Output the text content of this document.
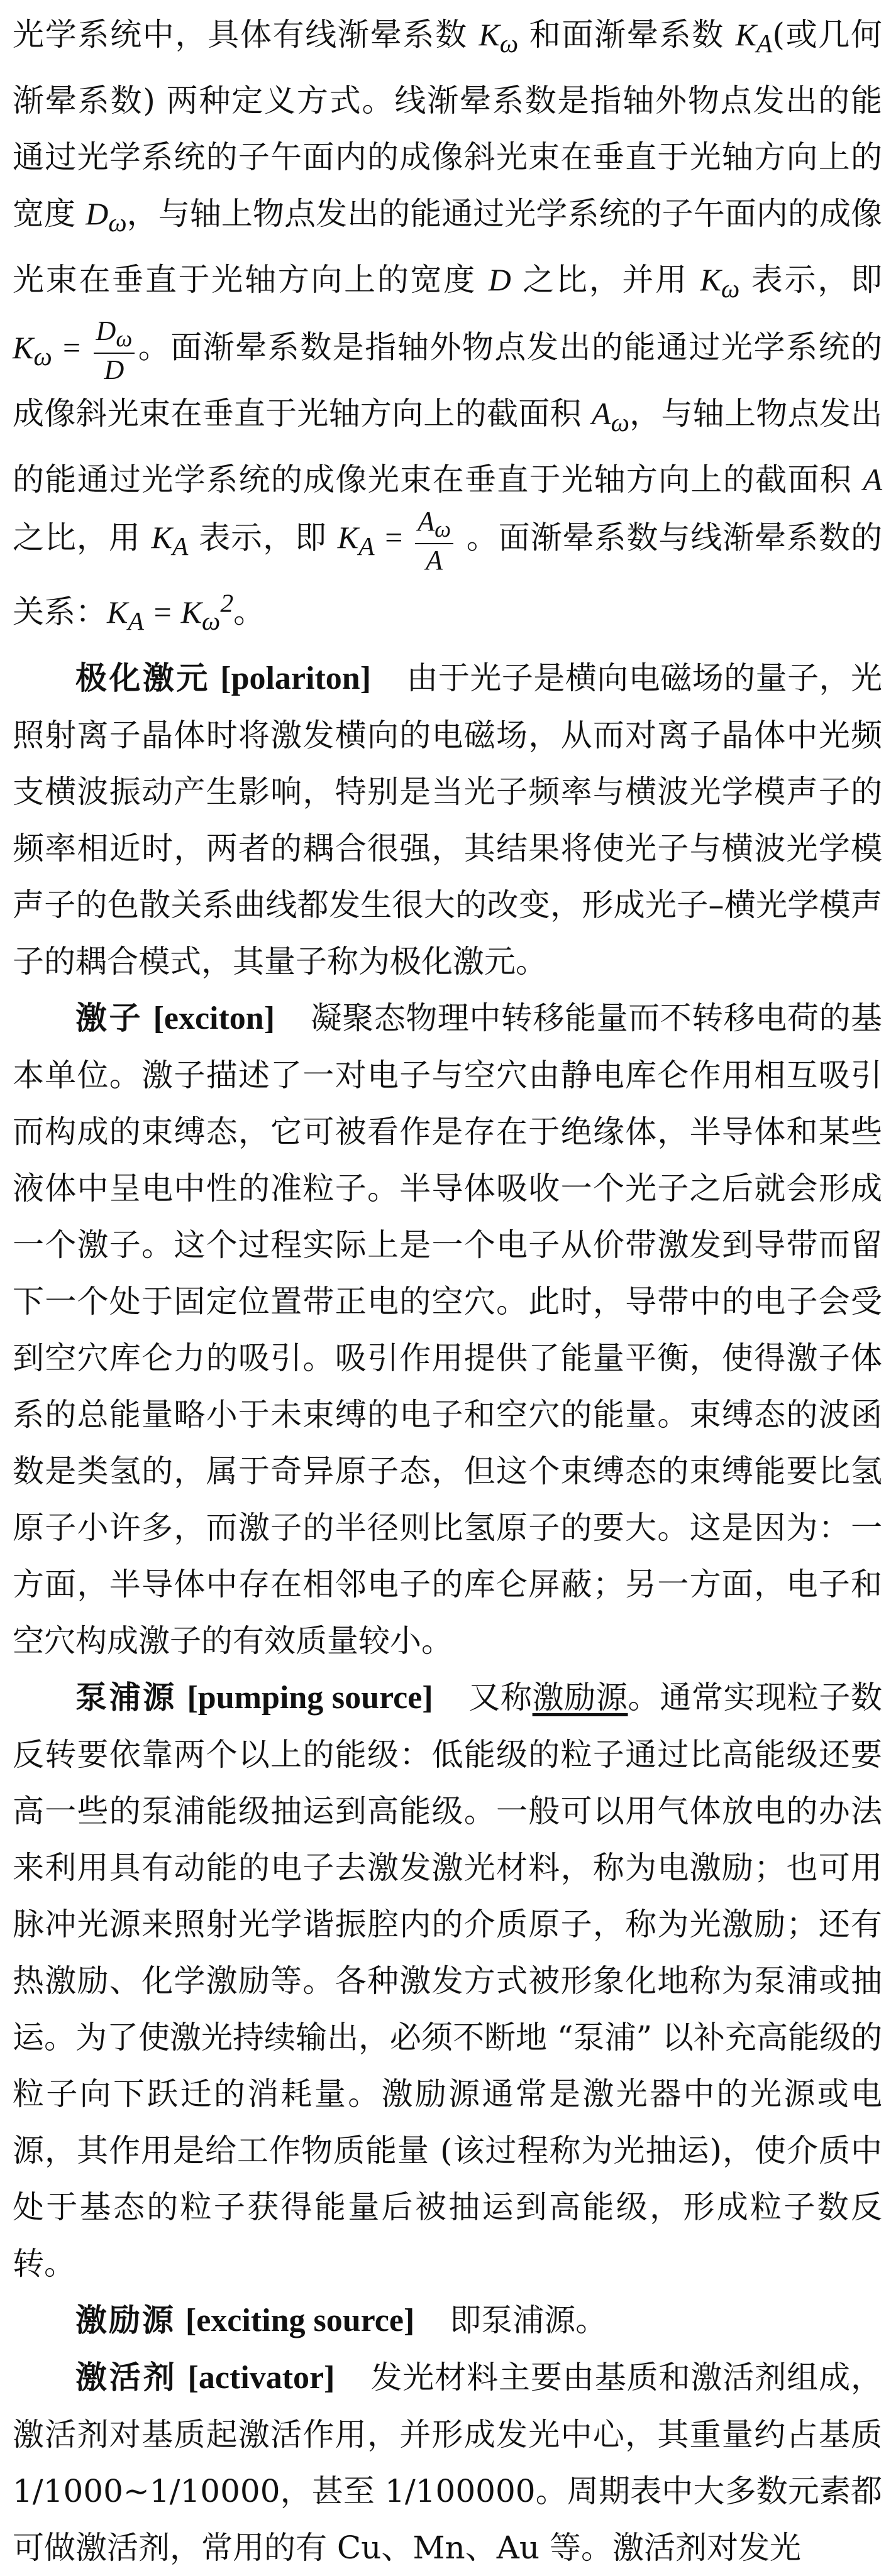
光学系统中，具体有线渐晕系数 $K_\omega$ 和面渐晕系数 $K_A$(或几何渐晕系数) 两种定义方式。线渐晕系数是指轴外物点发出的能通过光学系统的子午面内的成像斜光束在垂直于光轴方向上的宽度 $D_\omega$，与轴上物点发出的能通过光学系统的子午面内的成像光束在垂直于光轴方向上的宽度 D 之比，并用 $K_\omega$ 表示，即 $K_\omega = \frac{D_\omega}{D}$ 。面渐晕系数是指轴外物点发出的能通过光学系统的成像斜光束在垂直于光轴方向上的截面积 $A_\omega$，与轴上物点发出的能通过光学系统的成像光束在垂直于光轴方向上的截面积 A 之比，用 $K_A$ 表示，即 $K_A = \frac{A_\omega}{A}$ 。面渐晕系数与线渐晕系数的关系：$K_A = K_\omega^2$。

极化激元 [polariton] 由于光子是横向电磁场的量子，光照射离子晶体时将激发横向的电磁场，从而对离子晶体中光频支横波振动产生影响，特别是当光子频率与横波光学模声子的频率相近时，两者的耦合很强，其结果将使光子与横波光学模声子的色散关系曲线都发生很大的改变，形成光子–横光学模声子的耦合模式，其量子称为极化激元。

激子 [exciton] 凝聚态物理中转移能量而不转移电荷的基本单位。激子描述了一对电子与空穴由静电库仑作用相互吸引而构成的束缚态，它可被看作是存在于绝缘体，半导体和某些液体中呈电中性的准粒子。半导体吸收一个光子之后就会形成一个激子。这个过程实际上是一个电子从价带激发到导带而留下一个处于固定位置带正电的空穴。此时，导带中的电子会受到空穴库仑力的吸引。吸引作用提供了能量平衡，使得激子体系的总能量略小于未束缚的电子和空穴的能量。束缚态的波函数是类氢的，属于奇异原子态，但这个束缚态的束缚能要比氢原子小许多，而激子的半径则比氢原子的要大。这是因为：一方面，半导体中存在相邻电子的库仑屏蔽；另一方面，电子和空穴构成激子的有效质量较小。

泵浦源 [pumping source] 又称激励源。通常实现粒子数反转要依靠两个以上的能级：低能级的粒子通过比高能级还要高一些的泵浦能级抽运到高能级。一般可以用气体放电的办法来利用具有动能的电子去激发激光材料，称为电激励；也可用脉冲光源来照射光学谐振腔内的介质原子，称为光激励；还有热激励、化学激励等。各种激发方式被形象化地称为泵浦或抽运。为了使激光持续输出，必须不断地 “泵浦” 以补充高能级的粒子向下跃迁的消耗量。激励源通常是激光器中的光源或电源，其作用是给工作物质能量 (该过程称为光抽运)，使介质中处于基态的粒子获得能量后被抽运到高能级，形成粒子数反转。

激励源 [exciting source] 即泵浦源。

激活剂 [activator] 发光材料主要由基质和激活剂组成，激活剂对基质起激活作用，并形成发光中心，其重量约占基质 1/1000~1/10000，甚至 1/100000。周期表中大多数元素都可做激活剂，常用的有 Cu、Mn、Au 等。激活剂对发光
